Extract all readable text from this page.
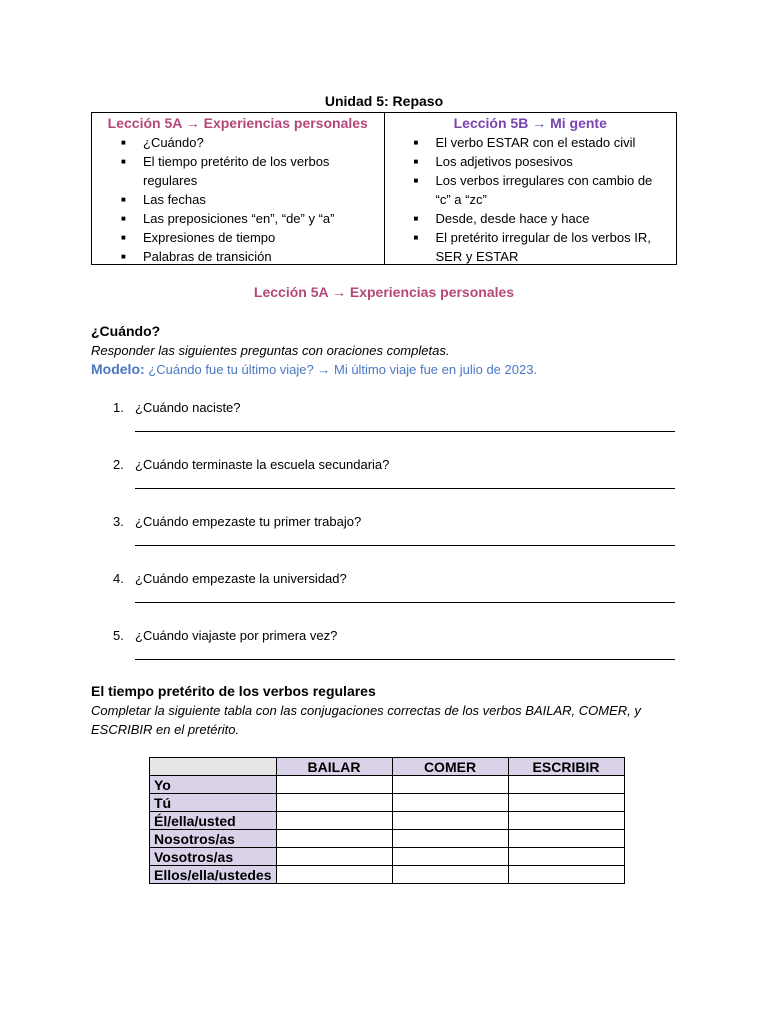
Unidad 5: Repaso
Lección 5A → Experiencias personales
■ ¿Cuándo?
■ El tiempo pretérito de los verbos regulares
■ Las fechas
■ Las preposiciones “en”, “de” y “a”
■ Expresiones de tiempo
■ Palabras de transición
Lección 5B → Mi gente
■ El verbo ESTAR con el estado civil
■ Los adjetivos posesivos
■ Los verbos irregulares con cambio de “c” a “zc”
■ Desde, desde hace y hace
■ El pretérito irregular de los verbos IR, SER y ESTAR
Lección 5A → Experiencias personales

¿Cuándo?

Responder las siguientes preguntas con oraciones completas.

Modelo: ¿Cuándo fue tu último viaje? → Mi último viaje fue en julio de 2023.

1. ¿Cuándo naciste?
2. ¿Cuándo terminaste la escuela secundaria?
3. ¿Cuándo empezaste tu primer trabajo?
4. ¿Cuándo empezaste la universidad?
5. ¿Cuándo viajaste por primera vez?

El tiempo pretérito de los verbos regulares

Completar la siguiente tabla con las conjugaciones correctas de los verbos BAILAR, COMER, y ESCRIBIR en el pretérito.

	BAILAR	COMER	ESCRIBIR
Yo			
Tú			
Él/ella/usted			
Nosotros/as			
Vosotros/as			
Ellos/ella/ustedes			
